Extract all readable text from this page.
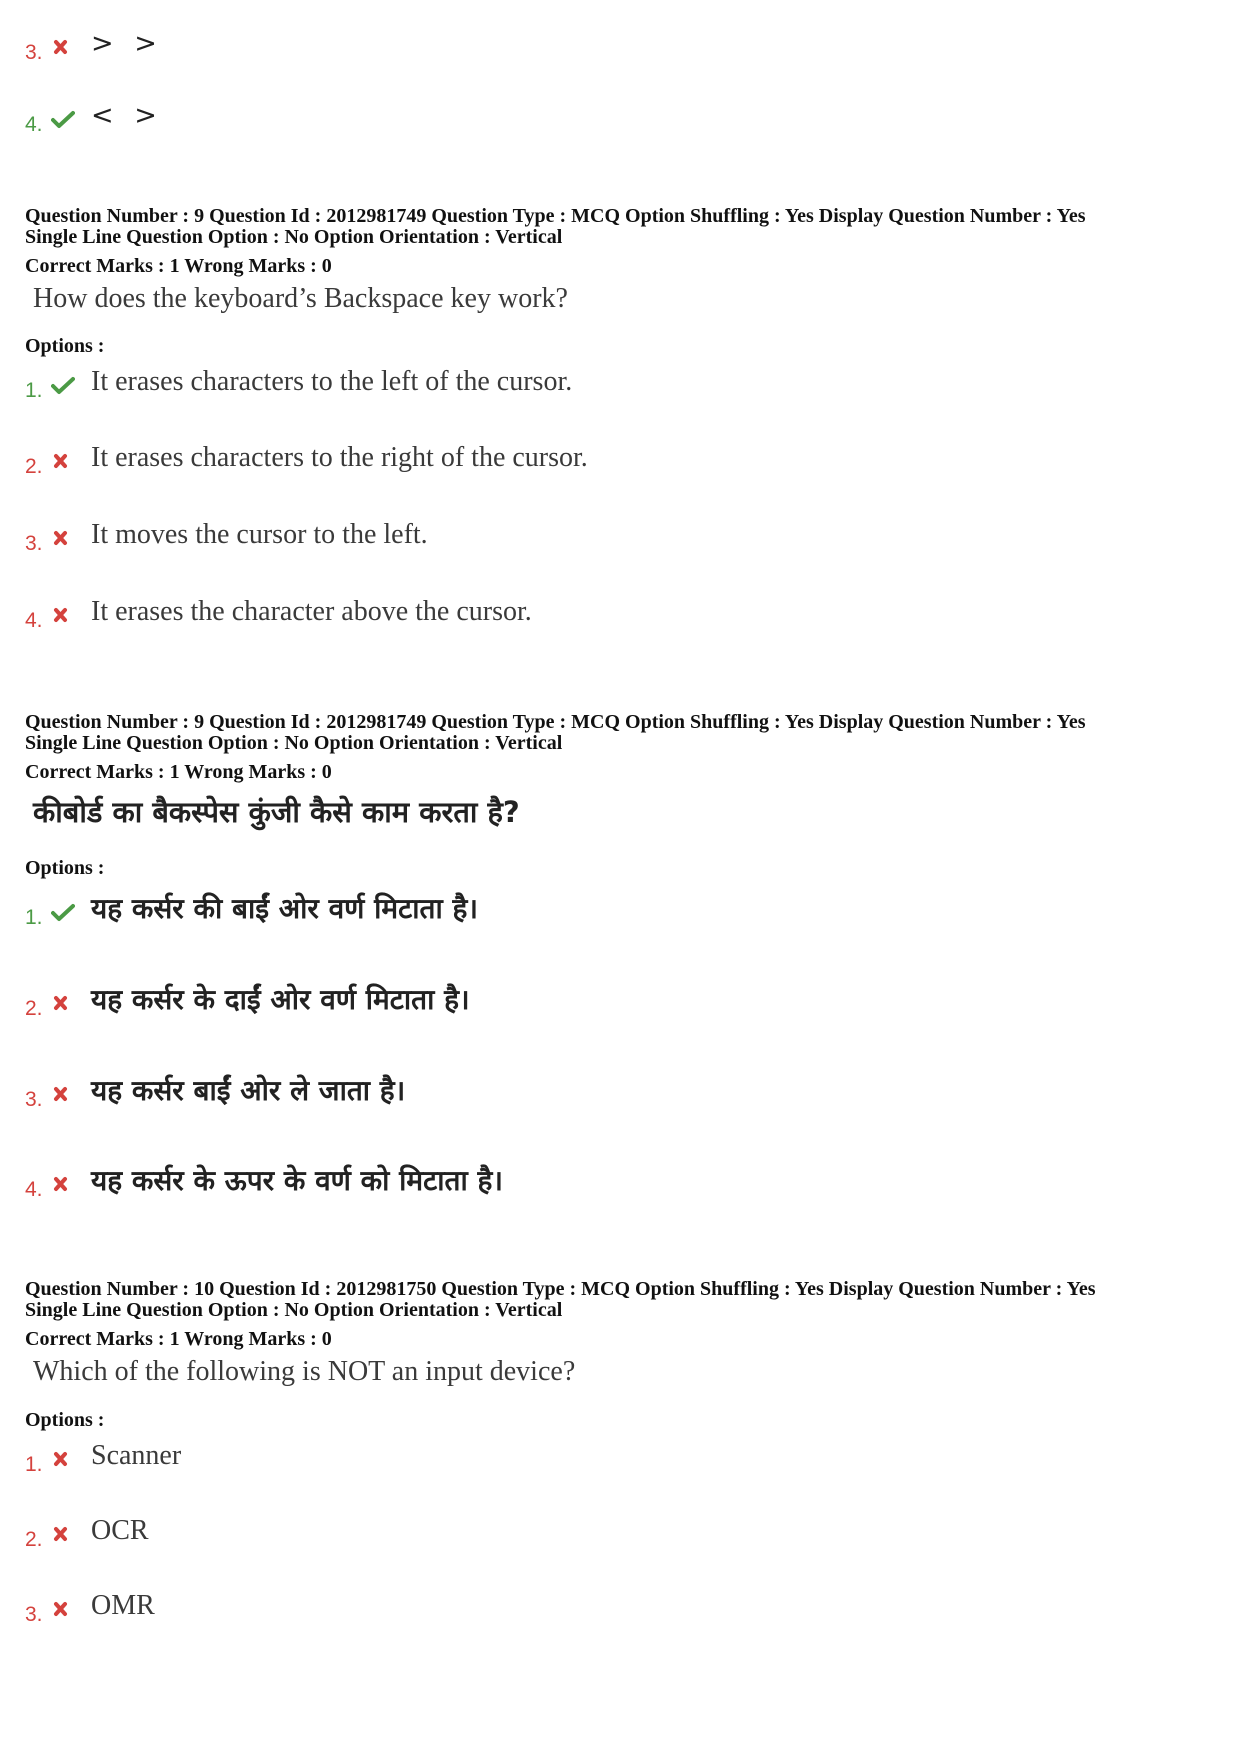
3. > >
4. < >
Question Number : 9 Question Id : 2012981749 Question Type : MCQ Option Shuffling : Yes Display Question Number : Yes
Single Line Question Option : No Option Orientation : Vertical
Correct Marks : 1 Wrong Marks : 0
How does the keyboard’s Backspace key work?
Options :
1. It erases characters to the left of the cursor.
2. It erases characters to the right of the cursor.
3. It moves the cursor to the left.
4. It erases the character above the cursor.
Question Number : 9 Question Id : 2012981749 Question Type : MCQ Option Shuffling : Yes Display Question Number : Yes
Single Line Question Option : No Option Orientation : Vertical
Correct Marks : 1 Wrong Marks : 0
कीबोर्ड का बैकस्पेस कुंजी कैसे काम करता है?
Options :
1. यह कर्सर की बाईं ओर वर्ण मिटाता है।
2. यह कर्सर के दाईं ओर वर्ण मिटाता है।
3. यह कर्सर बाईं ओर ले जाता है।
4. यह कर्सर के ऊपर के वर्ण को मिटाता है।
Question Number : 10 Question Id : 2012981750 Question Type : MCQ Option Shuffling : Yes Display Question Number : Yes
Single Line Question Option : No Option Orientation : Vertical
Correct Marks : 1 Wrong Marks : 0
Which of the following is NOT an input device?
Options :
1. Scanner
2. OCR
3. OMR
